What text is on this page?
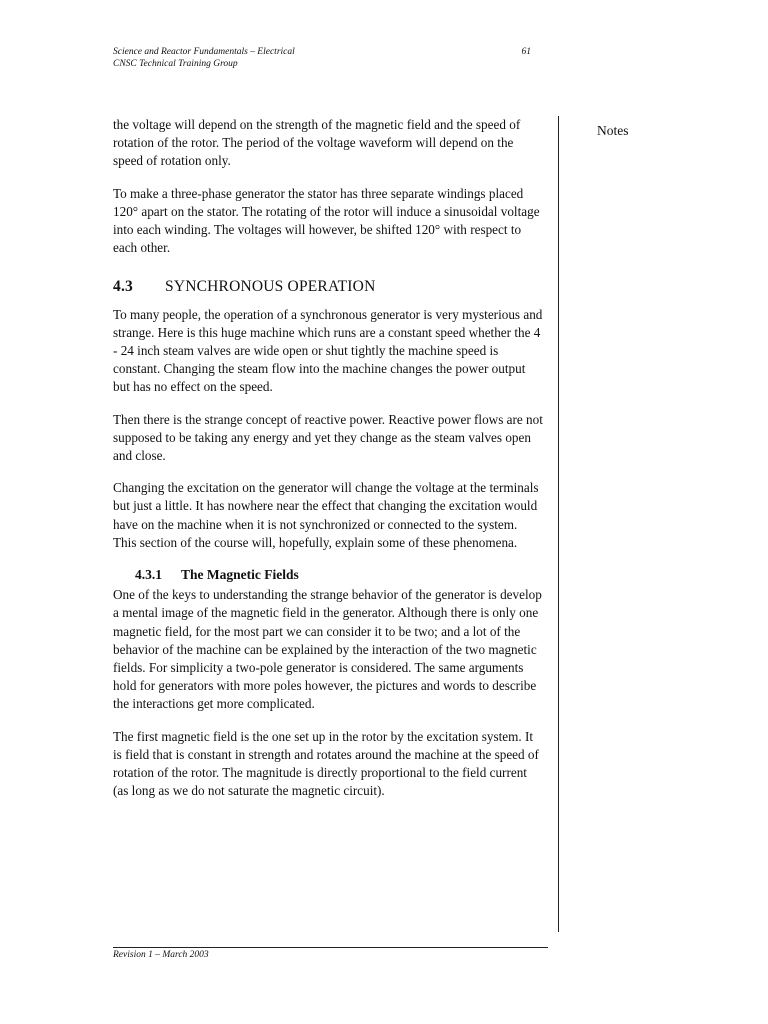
Science and Reactor Fundamentals – Electrical	61
CNSC Technical Training Group
Notes

the voltage will depend on the strength of the magnetic field and the speed of rotation of the rotor. The period of the voltage waveform will depend on the speed of rotation only.

To make a three-phase generator the stator has three separate windings placed 120° apart on the stator. The rotating of the rotor will induce a sinusoidal voltage into each winding. The voltages will however, be shifted 120° with respect to each other.

4.3	SYNCHRONOUS OPERATION

To many people, the operation of a synchronous generator is very mysterious and strange. Here is this huge machine which runs are a constant speed whether the 4 - 24 inch steam valves are wide open or shut tightly the machine speed is constant. Changing the steam flow into the machine changes the power output but has no effect on the speed.

Then there is the strange concept of reactive power. Reactive power flows are not supposed to be taking any energy and yet they change as the steam valves open and close.

Changing the excitation on the generator will change the voltage at the terminals but just a little. It has nowhere near the effect that changing the excitation would have on the machine when it is not synchronized or connected to the system. This section of the course will, hopefully, explain some of these phenomena.

4.3.1	The Magnetic Fields

One of the keys to understanding the strange behavior of the generator is develop a mental image of the magnetic field in the generator. Although there is only one magnetic field, for the most part we can consider it to be two; and a lot of the behavior of the machine can be explained by the interaction of the two magnetic fields. For simplicity a two-pole generator is considered. The same arguments hold for generators with more poles however, the pictures and words to describe the interactions get more complicated.

The first magnetic field is the one set up in the rotor by the excitation system. It is field that is constant in strength and rotates around the machine at the speed of rotation of the rotor. The magnitude is directly proportional to the field current (as long as we do not saturate the magnetic circuit).

Revision 1 – March 2003
